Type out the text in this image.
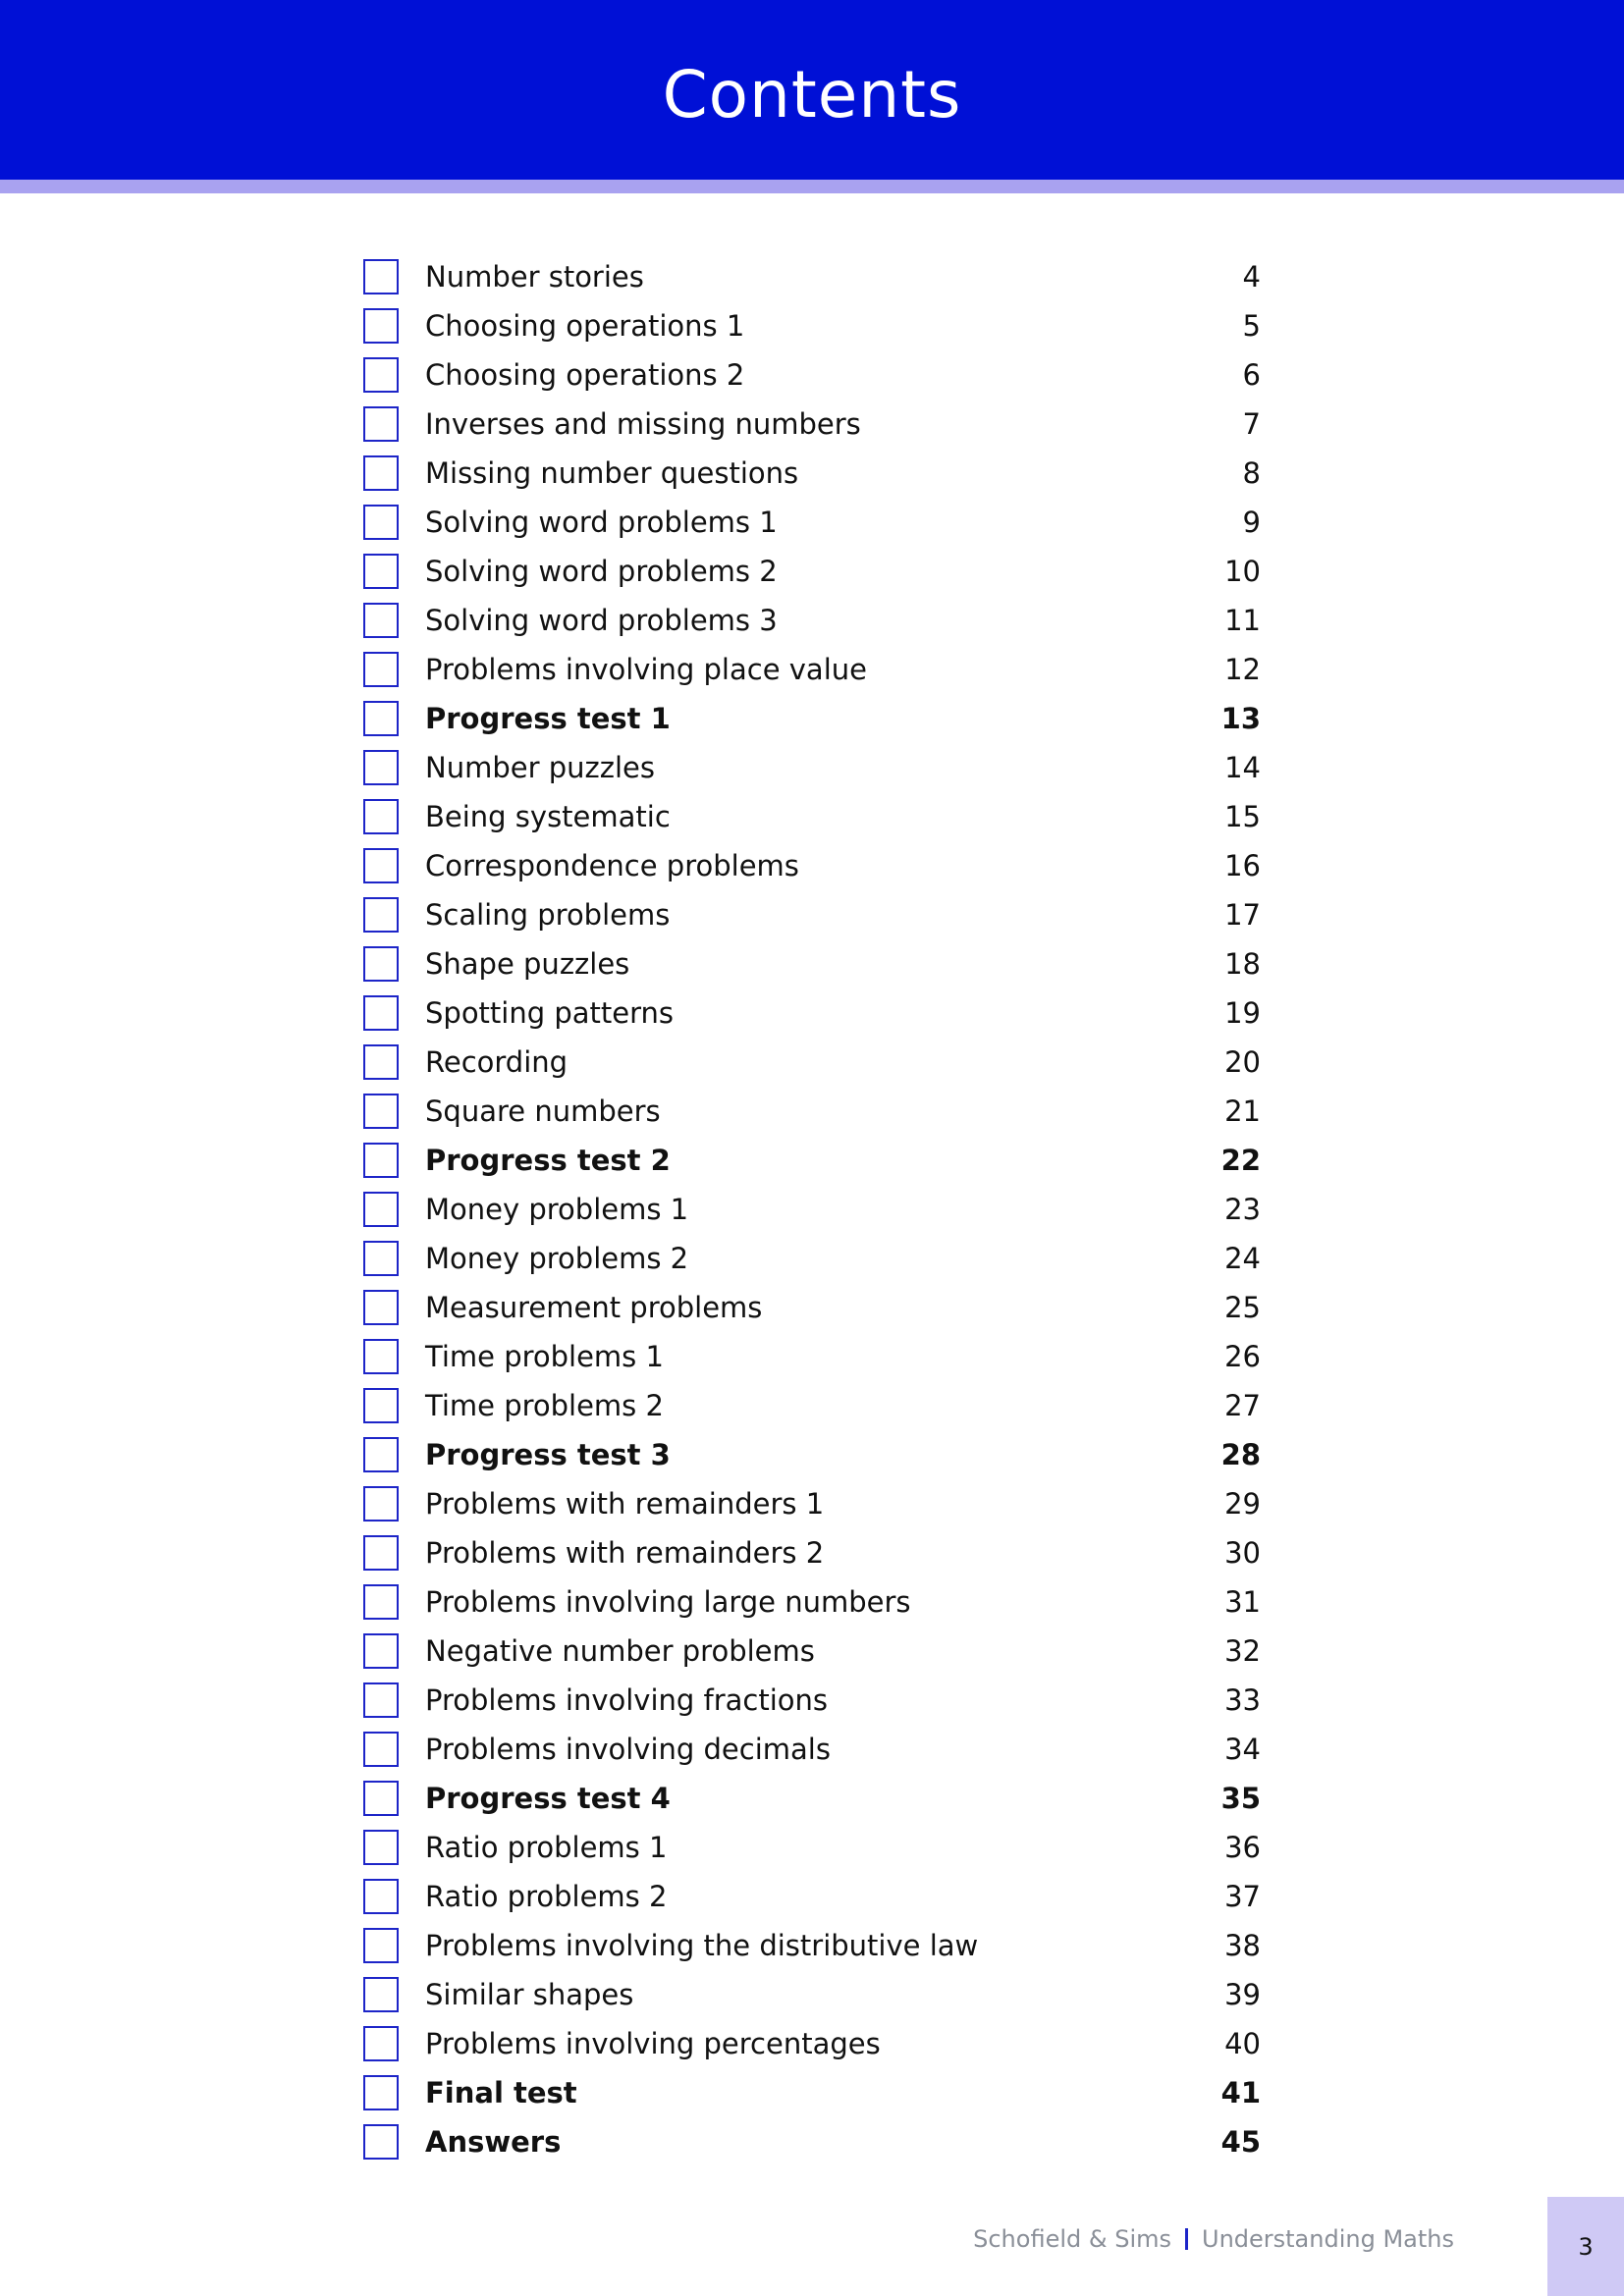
Contents
Number stories	4
Choosing operations 1	5
Choosing operations 2	6
Inverses and missing numbers	7
Missing number questions	8
Solving word problems 1	9
Solving word problems 2	10
Solving word problems 3	11
Problems involving place value	12
Progress test 1	13
Number puzzles	14
Being systematic	15
Correspondence problems	16
Scaling problems	17
Shape puzzles	18
Spotting patterns	19
Recording	20
Square numbers	21
Progress test 2	22
Money problems 1	23
Money problems 2	24
Measurement problems	25
Time problems 1	26
Time problems 2	27
Progress test 3	28
Problems with remainders 1	29
Problems with remainders 2	30
Problems involving large numbers	31
Negative number problems	32
Problems involving fractions	33
Problems involving decimals	34
Progress test 4	35
Ratio problems 1	36
Ratio problems 2	37
Problems involving the distributive law	38
Similar shapes	39
Problems involving percentages	40
Final test	41
Answers	45
Schofield & Sims Understanding Maths	3
